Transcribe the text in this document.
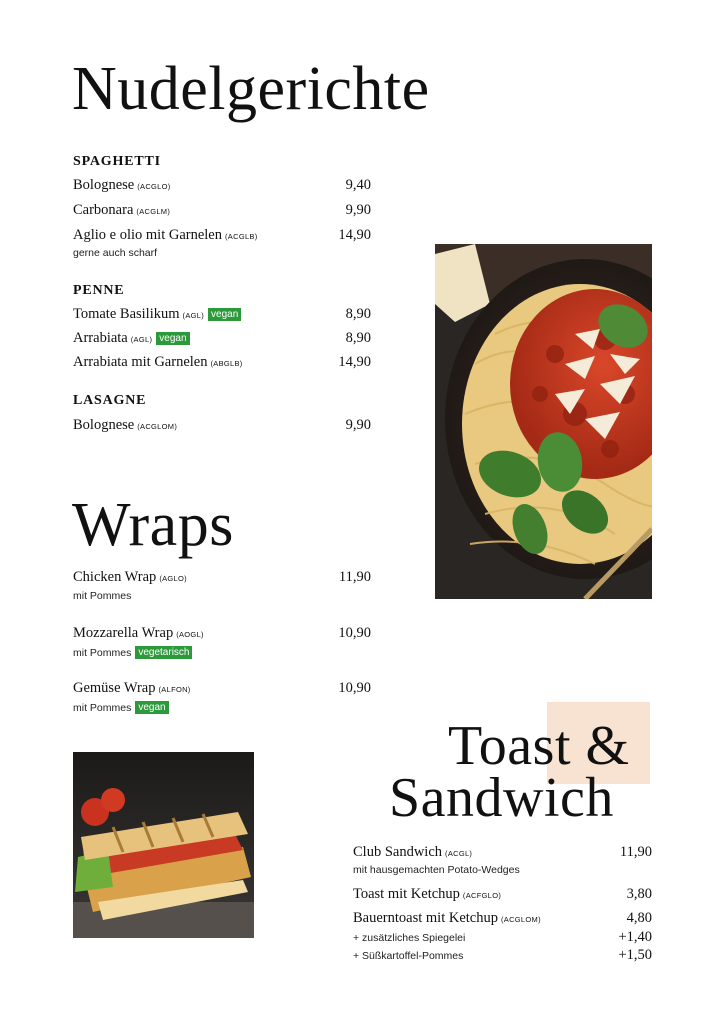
Nudelgerichte
SPAGHETTI
Bolognese (ACGLO)	9,40
Carbonara (ACGLM)	9,90
Aglio e olio mit Garnelen (ACGLB)	14,90
gerne auch scharf
PENNE
Tomate Basilikum (AGL) vegan	8,90
Arrabiata (AGL) vegan	8,90
Arrabiata mit Garnelen (ABGLB)	14,90
LASAGNE
Bolognese (ACGLOM)	9,90
Wraps
Chicken Wrap (AGLO)	11,90
mit Pommes
Mozzarella Wrap (AOGL)	10,90
mit Pommes vegetarisch
Gemüse Wrap (ALFON)	10,90
mit Pommes vegan
Toast &
Sandwich
Club Sandwich (ACGL)	11,90
mit hausgemachten Potato-Wedges
Toast mit Ketchup (ACFGLO)	3,80
Bauerntoast mit Ketchup (ACGLOM)	4,80
+ zusätzliches Spiegelei	+1,40
+ Süßkartoffel-Pommes	+1,50
